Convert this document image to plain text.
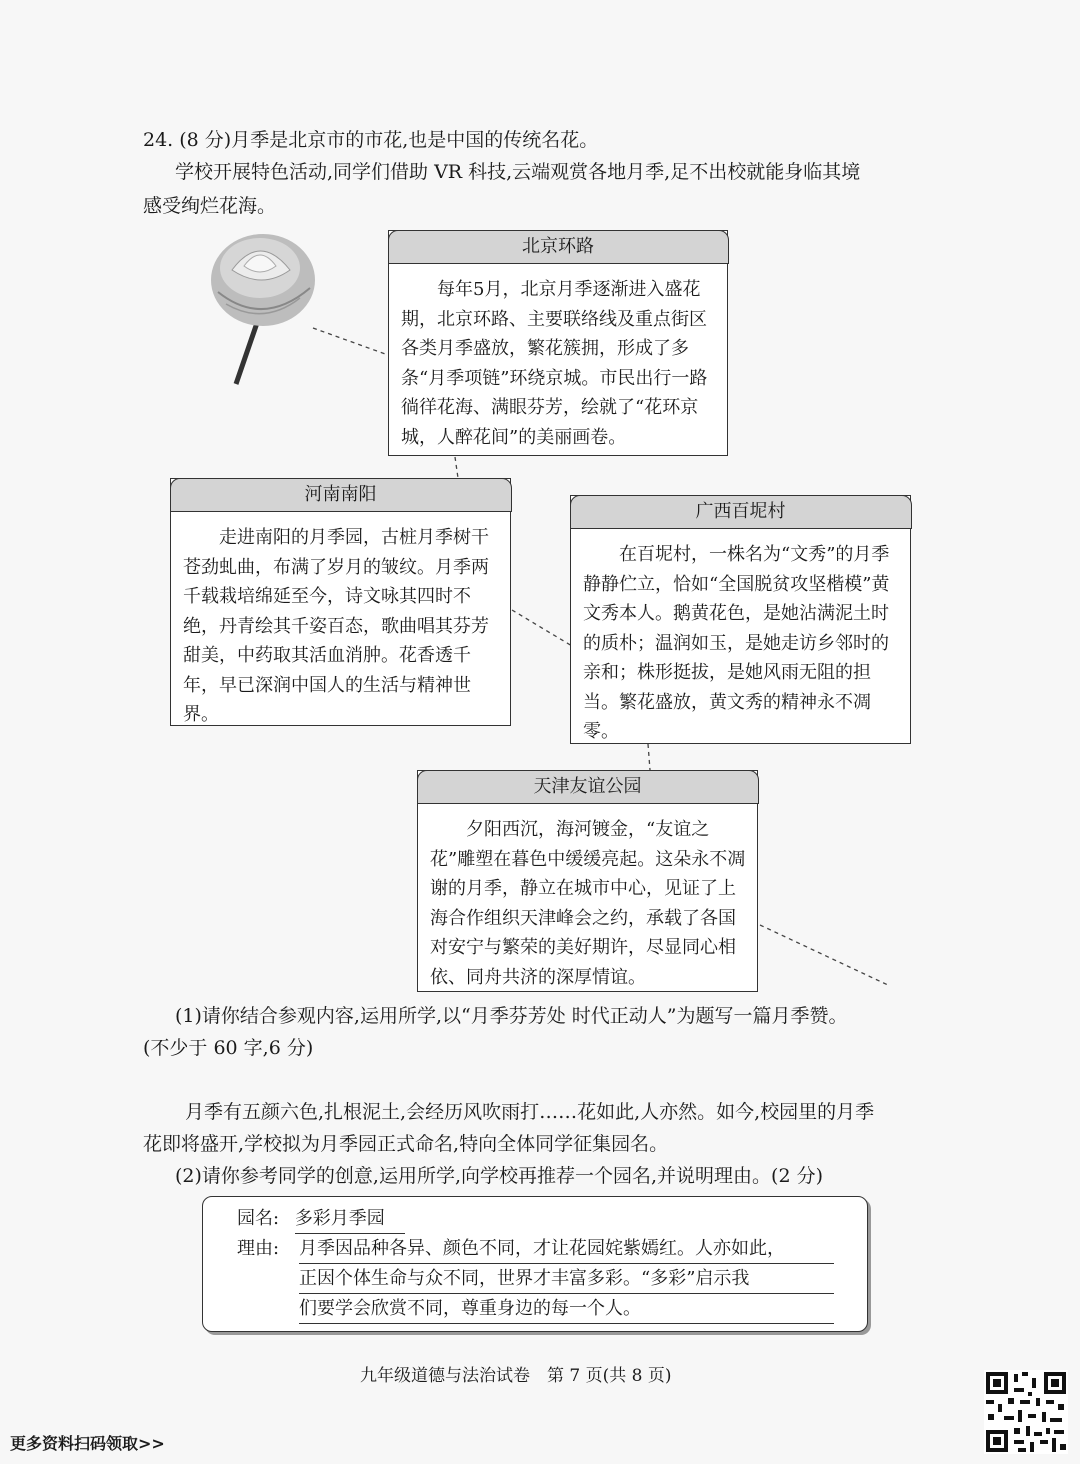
24. (8 分)月季是北京市的市花,也是中国的传统名花。
学校开展特色活动,同学们借助 VR 科技,云端观赏各地月季,足不出校就能身临其境
感受绚烂花海。
北京环路

每年5月，北京月季逐渐进入盛花期，北京环路、主要联络线及重点街区各类月季盛放，繁花簇拥，形成了多条“月季项链”环绕京城。市民出行一路徜徉花海、满眼芬芳，绘就了“花环京城，人醉花间”的美丽画卷。

河南南阳

走进南阳的月季园，古桩月季树干苍劲虬曲，布满了岁月的皱纹。月季两千载栽培绵延至今，诗文咏其四时不绝，丹青绘其千姿百态，歌曲唱其芬芳甜美，中药取其活血消肿。花香透千年，早已深润中国人的生活与精神世界。

广西百坭村

在百坭村，一株名为“文秀”的月季静静伫立，恰如“全国脱贫攻坚楷模”黄文秀本人。鹅黄花色，是她沾满泥土时的质朴；温润如玉，是她走访乡邻时的亲和；株形挺拔，是她风雨无阻的担当。繁花盛放，黄文秀的精神永不凋零。

天津友谊公园

夕阳西沉，海河镀金，“友谊之花”雕塑在暮色中缓缓亮起。这朵永不凋谢的月季，静立在城市中心，见证了上海合作组织天津峰会之约，承载了各国对安宁与繁荣的美好期许，尽显同心相依、同舟共济的深厚情谊。

(1)请你结合参观内容,运用所学,以“月季芬芳处 时代正动人”为题写一篇月季赞。
(不少于 60 字,6 分)
月季有五颜六色,扎根泥土,会经历风吹雨打……花如此,人亦然。如今,校园里的月季
花即将盛开,学校拟为月季园正式命名,特向全体同学征集园名。
(2)请你参考同学的创意,运用所学,向学校再推荐一个园名,并说明理由。(2 分)
园名: 多彩月季园
理由: 月季因品种各异、颜色不同，才让花园姹紫嫣红。人亦如此，
正因个体生命与众不同，世界才丰富多彩。“多彩”启示我
们要学会欣赏不同，尊重身边的每一个人。
九年级道德与法治试卷　第 7 页(共 8 页)
更多资料扫码领取>>
